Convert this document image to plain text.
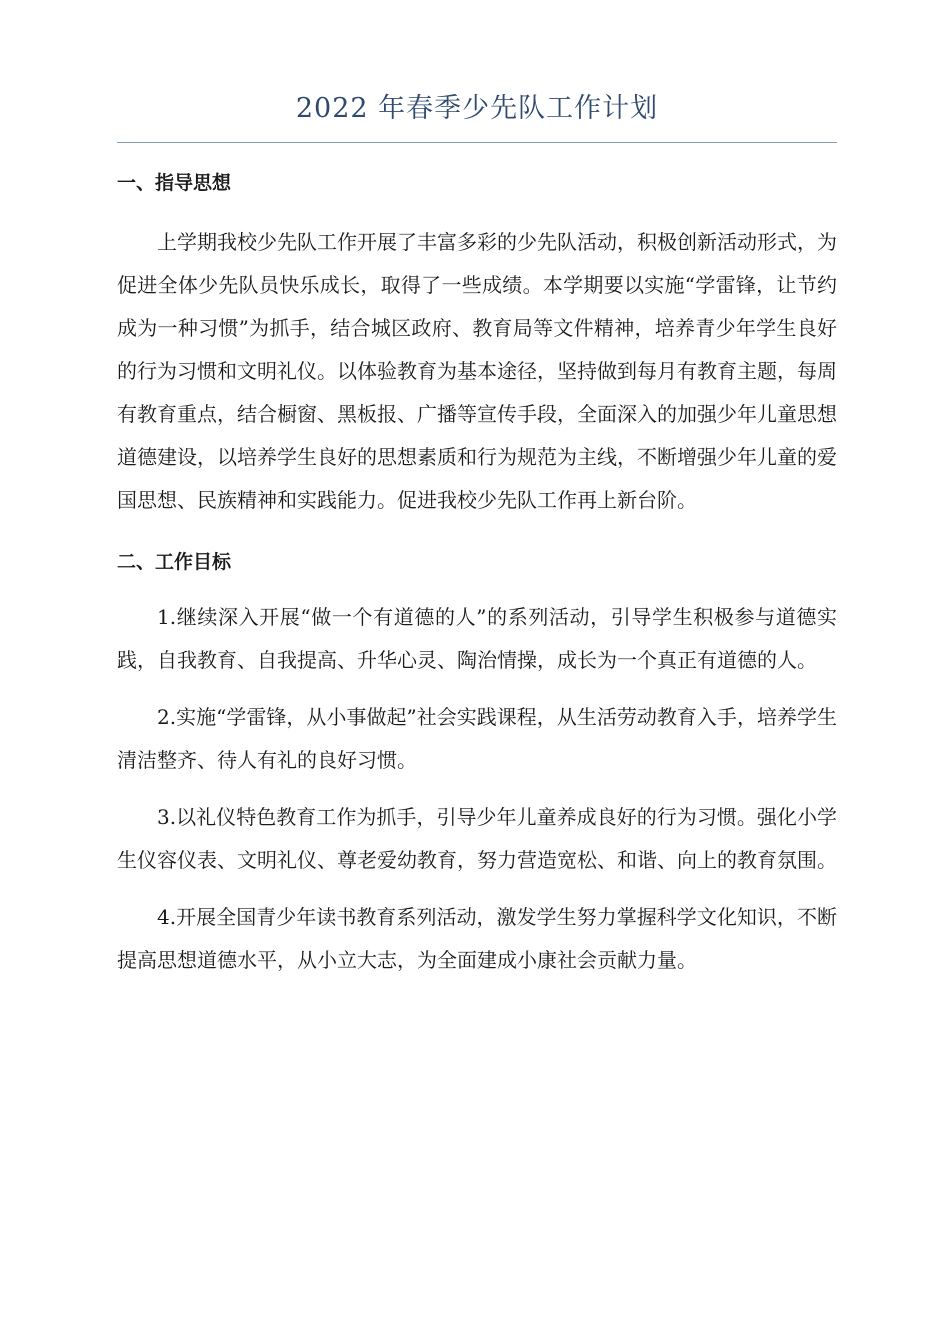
2022 年春季少先队工作计划
一、指导思想

上学期我校少先队工作开展了丰富多彩的少先队活动，积极创新活动形式，为促进全体少先队员快乐成长，取得了一些成绩。本学期要以实施“学雷锋，让节约成为一种习惯”为抓手，结合城区政府、教育局等文件精神，培养青少年学生良好的行为习惯和文明礼仪。以体验教育为基本途径，坚持做到每月有教育主题，每周有教育重点，结合橱窗、黑板报、广播等宣传手段，全面深入的加强少年儿童思想道德建设，以培养学生良好的思想素质和行为规范为主线，不断增强少年儿童的爱国思想、民族精神和实践能力。促进我校少先队工作再上新台阶。

二、工作目标

1.继续深入开展“做一个有道德的人”的系列活动，引导学生积极参与道德实践，自我教育、自我提高、升华心灵、陶治情操，成长为一个真正有道德的人。

2.实施“学雷锋，从小事做起”社会实践课程，从生活劳动教育入手，培养学生清洁整齐、待人有礼的良好习惯。

3.以礼仪特色教育工作为抓手，引导少年儿童养成良好的行为习惯。强化小学生仪容仪表、文明礼仪、尊老爱幼教育，努力营造宽松、和谐、向上的教育氛围。

4.开展全国青少年读书教育系列活动，激发学生努力掌握科学文化知识，不断提高思想道德水平，从小立大志，为全面建成小康社会贡献力量。
